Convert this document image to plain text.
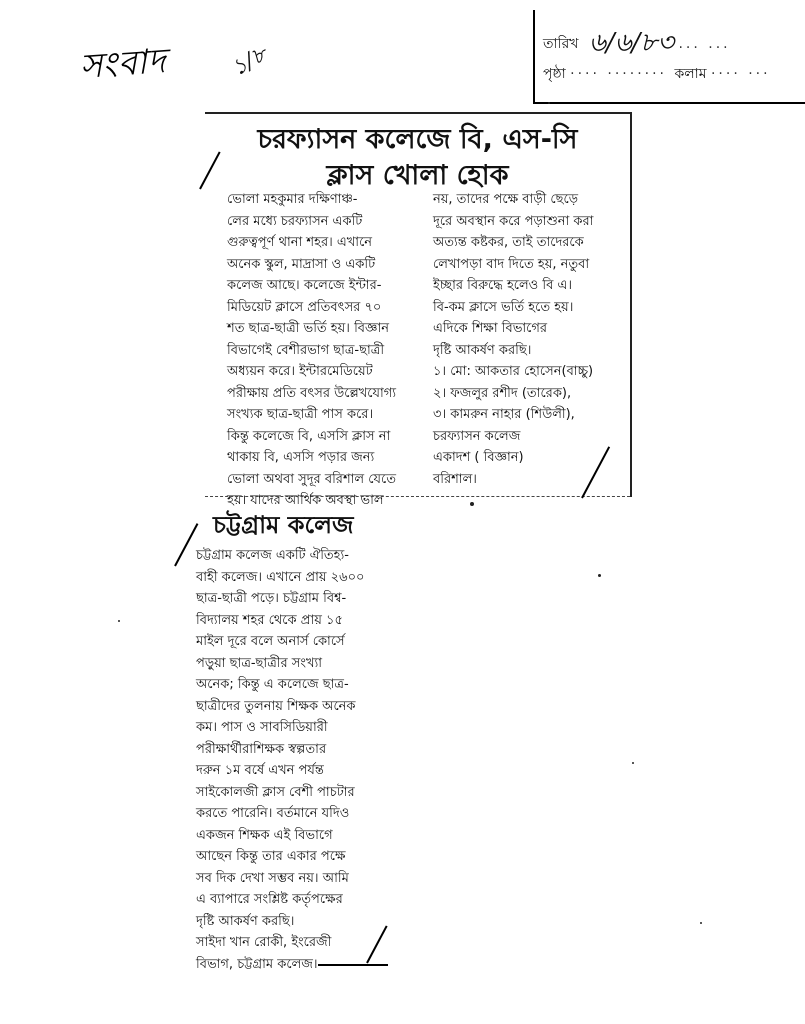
সংবাদ	১/৮	তারিখ ৬/৬/৮৩ ... ...
পৃষ্ঠা ···· ········ কলাম ···· ···
চরফ্যাসন কলেজে বি, এস-সি
ক্লাস খোলা হোক
ভোলা মহকুমার দক্ষিণাঞ্চ-
লের মধ্যে চরফ্যাসন একটি
গুরুত্বপূর্ণ থানা শহর। এখানে
অনেক স্কুল, মাদ্রাসা ও একটি
কলেজ আছে। কলেজে ইন্টার-
মিডিয়েট ক্লাসে প্রতিবৎসর ৭০
শত ছাত্র-ছাত্রী ভর্তি হয়। বিজ্ঞান
বিভাগেই বেশীরভাগ ছাত্র-ছাত্রী
অধ্যয়ন করে। ইন্টারমেডিয়েট
পরীক্ষায় প্রতি বৎসর উল্লেখযোগ্য
সংখ্যক ছাত্র-ছাত্রী পাস করে।
কিন্তু কলেজে বি, এসসি ক্লাস না
থাকায় বি, এসসি পড়ার জন্য
ভোলা অথবা সুদূর বরিশাল যেতে
হয়। যাদের আর্থিক অবস্থা ভাল
নয়, তাদের পক্ষে বাড়ী ছেড়ে
দূরে অবস্থান করে পড়াশুনা করা
অত্যন্ত কষ্টকর, তাই তাদেরকে
লেখাপড়া বাদ দিতে হয়, নতুবা
ইচ্ছার বিরুদ্ধে হলেও বি এ।
বি-কম ক্লাসে ভর্তি হতে হয়।
এদিকে শিক্ষা বিভাগের
দৃষ্টি আকর্ষণ করছি।
১। মো: আকতার হোসেন(বাচ্চু)
২। ফজলুর রশীদ (তারেক),
৩। কামরুন নাহার (শিউলী),
চরফ্যাসন কলেজ
একাদশ ( বিজ্ঞান)
বরিশাল।
চট্টগ্রাম কলেজ
চট্টগ্রাম কলেজ একটি ঐতিহ্য-
বাহী কলেজ। এখানে প্রায় ২৬০০
ছাত্র-ছাত্রী পড়ে। চট্টগ্রাম বিশ্ব-
বিদ্যালয় শহর থেকে প্রায় ১৫
মাইল দূরে বলে অনার্স কোর্সে
পড়ুয়া ছাত্র-ছাত্রীর সংখ্যা
অনেক; কিন্তু এ কলেজে ছাত্র-
ছাত্রীদের তুলনায় শিক্ষক অনেক
কম। পাস ও সাবসিডিয়ারী
পরীক্ষার্থীরাশিক্ষক স্বল্পতার
দরুন ১ম বর্ষে এখন পর্যন্ত
সাইকোলজী ক্লাস বেশী পাচটার
করতে পারেনি। বর্তমানে যদিও
একজন শিক্ষক এই বিভাগে
আছেন কিন্তু তার একার পক্ষে
সব দিক দেখা সম্ভব নয়। আমি
এ ব্যাপারে সংশ্লিষ্ট কর্তৃপক্ষের
দৃষ্টি আকর্ষণ করছি।
সাইদা খান রোকী, ইংরেজী
বিভাগ, চট্টগ্রাম কলেজ।
